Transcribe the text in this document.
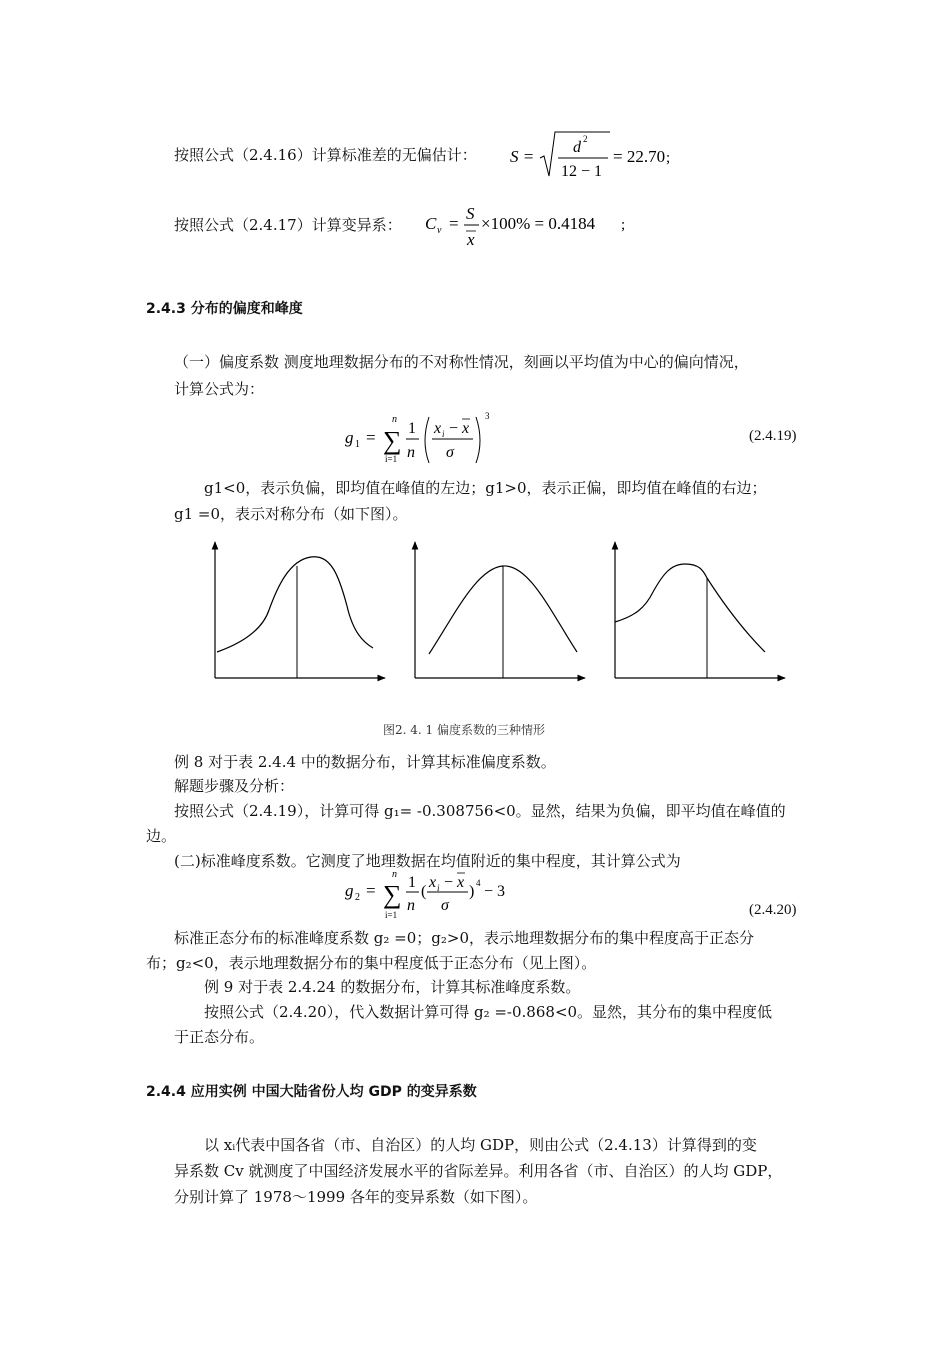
按照公式（2.4.16）计算标准差的无偏估计： S = d 2
12 − 1
= 22.70 ;
按照公式（2.4.17）计算变异系： C v =
S
x
×100% = 0.4184 ;
2.4.3 分布的偏度和峰度
（一）偏度系数 测度地理数据分布的不对称性情况，刻画以平均值为中心的偏向情况，
计算公式为：
g 1 =
n
∑
i=1
1
n
x i − x
σ
3
(2.4.19)
g1<0，表示负偏，即均值在峰值的左边；g1>0，表示正偏，即均值在峰值的右边；
g1 =0，表示对称分布（如下图）。
图2. 4. 1 偏度系数的三种情形
例 8 对于表 2.4.4 中的数据分布，计算其标准偏度系数。
解题步骤及分析：
按照公式（2.4.19），计算可得 g₁= -0.308756<0。显然，结果为负偏，即平均值在峰值的
边。
(二)标准峰度系数。它测度了地理数据在均值附近的集中程度，其计算公式为
g 2 =
n
∑
i=1
1
n
(
x i − x
σ
) 4 − 3
(2.4.20)
标准正态分布的标准峰度系数 g₂ =0；g₂>0，表示地理数据分布的集中程度高于正态分
布；g₂<0，表示地理数据分布的集中程度低于正态分布（见上图）。
例 9 对于表 2.4.24 的数据分布，计算其标准峰度系数。
按照公式（2.4.20），代入数据计算可得 g₂ =-0.868<0。显然，其分布的集中程度低
于正态分布。
2.4.4 应用实例 中国大陆省份人均 GDP 的变异系数
以 xᵢ代表中国各省（市、自治区）的人均 GDP，则由公式（2.4.13）计算得到的变
异系数 Cv 就测度了中国经济发展水平的省际差异。利用各省（市、自治区）的人均 GDP，
分别计算了 1978～1999 各年的变异系数（如下图）。
